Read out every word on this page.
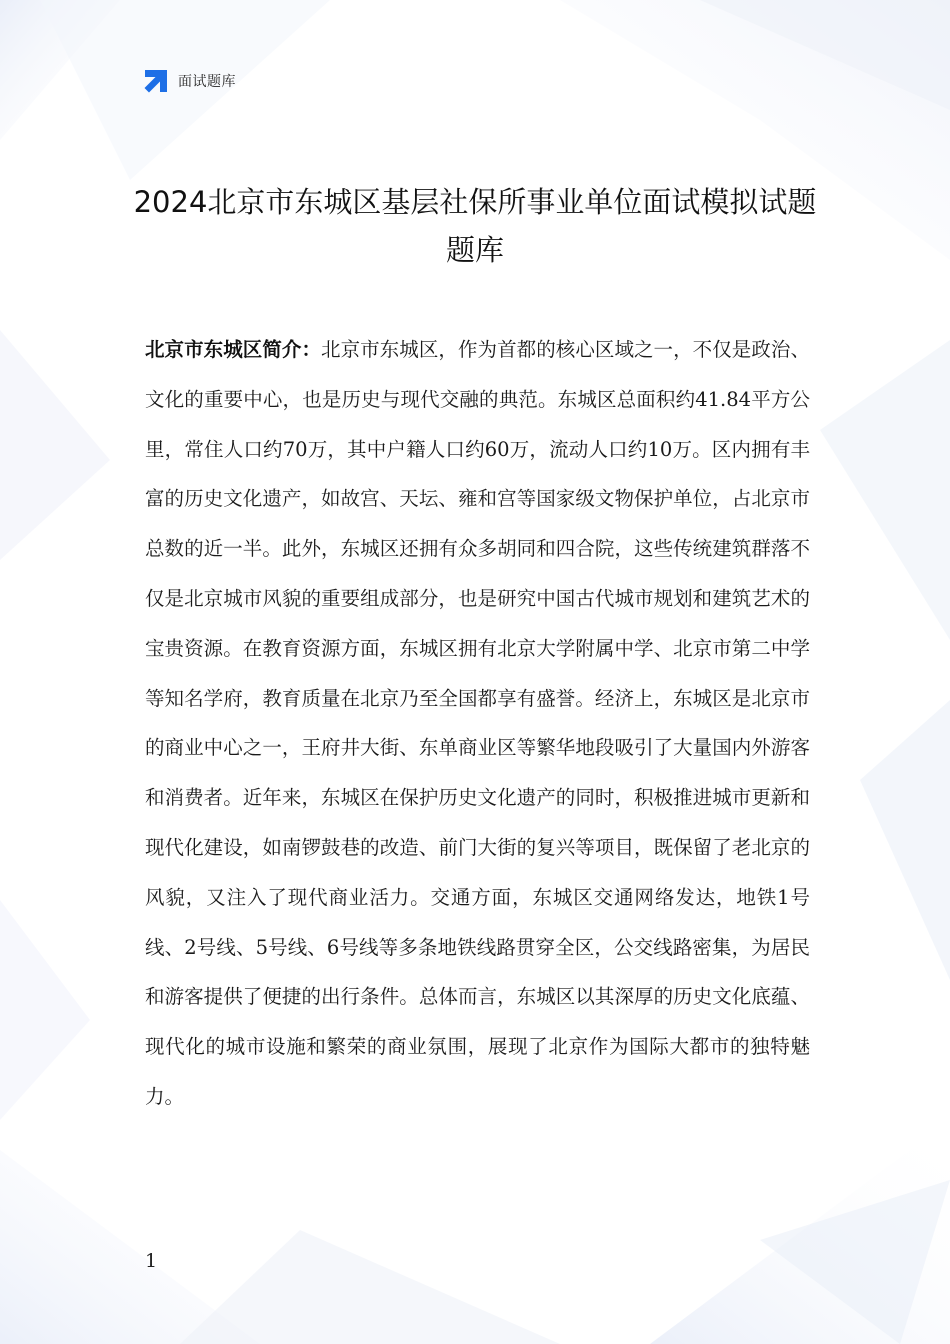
面试题库
2024北京市东城区基层社保所事业单位面试模拟试题题库

北京市东城区简介：北京市东城区，作为首都的核心区域之一，不仅是政治、文化的重要中心，也是历史与现代交融的典范。东城区总面积约41.84平方公里，常住人口约70万，其中户籍人口约60万，流动人口约10万。区内拥有丰富的历史文化遗产，如故宫、天坛、雍和宫等国家级文物保护单位，占北京市总数的近一半。此外，东城区还拥有众多胡同和四合院，这些传统建筑群落不仅是北京城市风貌的重要组成部分，也是研究中国古代城市规划和建筑艺术的宝贵资源。在教育资源方面，东城区拥有北京大学附属中学、北京市第二中学等知名学府，教育质量在北京乃至全国都享有盛誉。经济上，东城区是北京市的商业中心之一，王府井大街、东单商业区等繁华地段吸引了大量国内外游客和消费者。近年来，东城区在保护历史文化遗产的同时，积极推进城市更新和现代化建设，如南锣鼓巷的改造、前门大街的复兴等项目，既保留了老北京的风貌，又注入了现代商业活力。交通方面，东城区交通网络发达，地铁1号线、2号线、5号线、6号线等多条地铁线路贯穿全区，公交线路密集，为居民和游客提供了便捷的出行条件。总体而言，东城区以其深厚的历史文化底蕴、现代化的城市设施和繁荣的商业氛围，展现了北京作为国际大都市的独特魅力。

1
